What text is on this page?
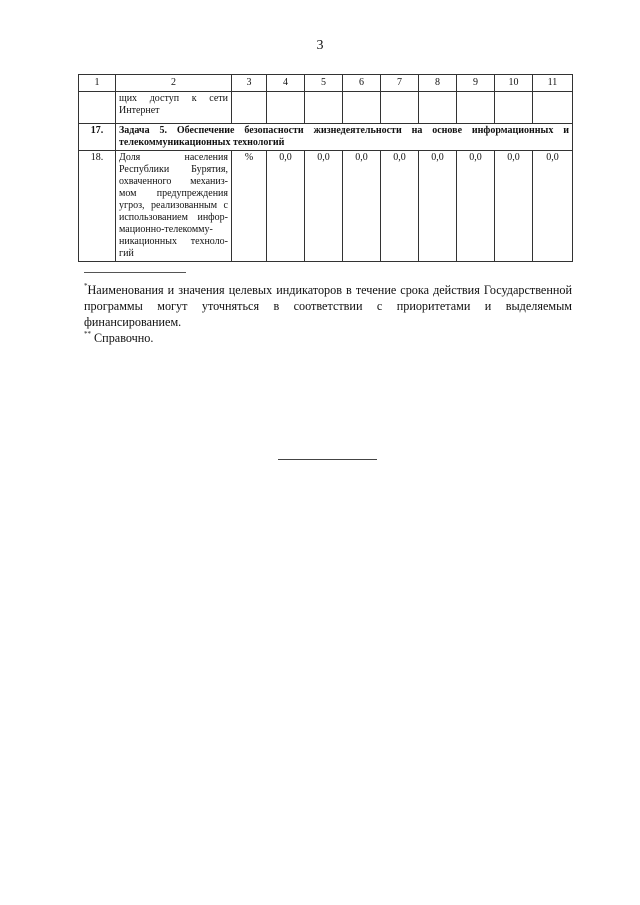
3
1	2	3	4	5	6	7	8	9	10	11
	щих доступ к сети Интернет									
17.	Задача 5. Обеспечение безопасности жизнедеятельности на основе информационных и телекоммуникационных технологий									
18.	Доля населения Республики Бурятия, охваченного механиз-мом предупреждения угроз, реализованным с использованием инфор-мационно-телекомму-никационных техноло-гий	%	0,0	0,0	0,0	0,0	0,0	0,0	0,0	0,0

*Наименования и значения целевых индикаторов в течение срока действия Государственной программы могут уточняться в соответствии с приоритетами и выделяемым финансированием.

** Справочно.
